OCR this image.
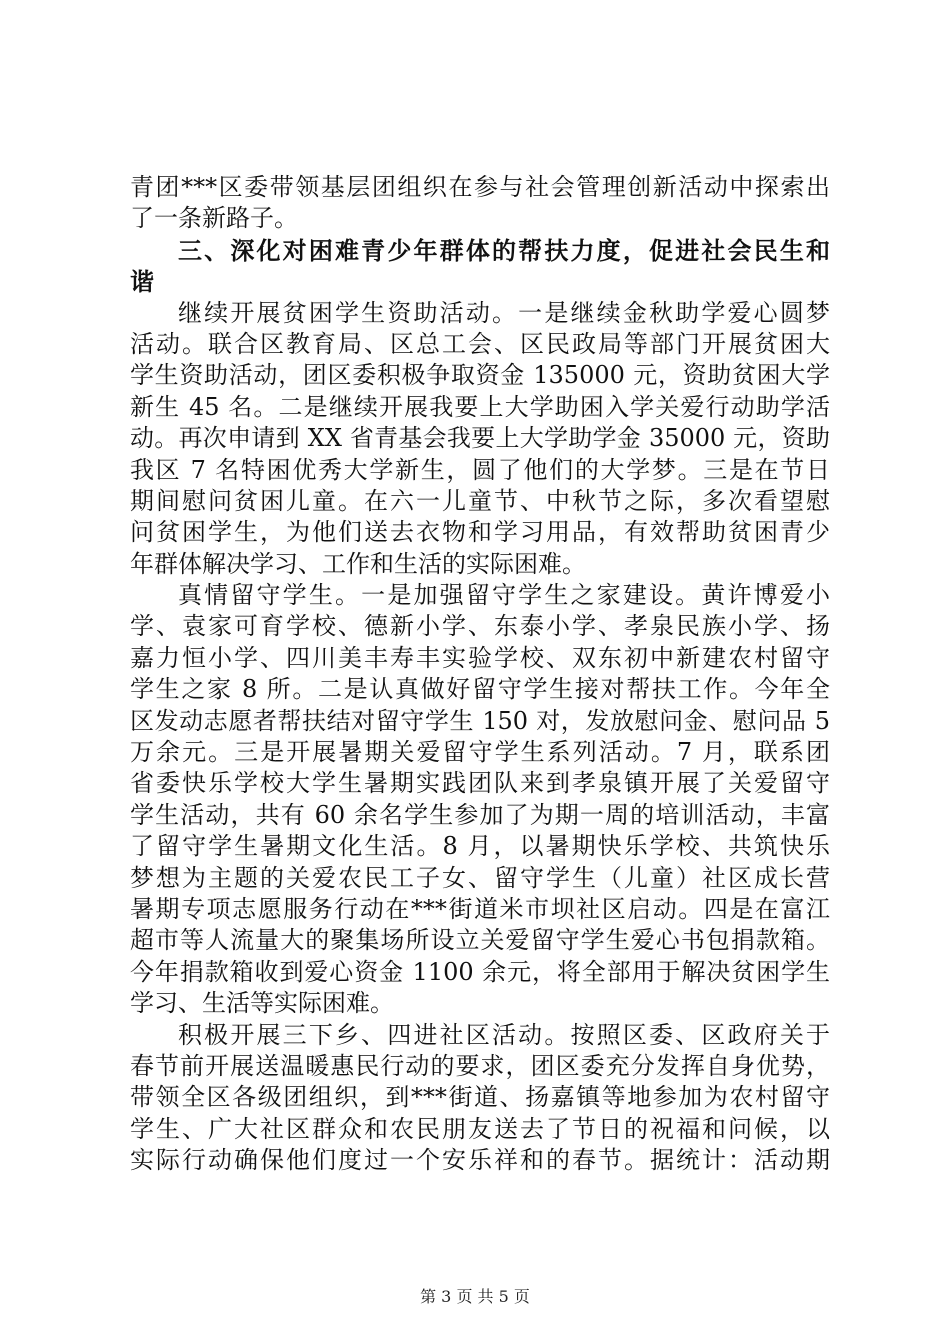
青团***区委带领基层团组织在参与社会管理创新活动中探索出
了一条新路子。
三、深化对困难青少年群体的帮扶力度，促进社会民生和
谐
继续开展贫困学生资助活动。一是继续金秋助学爱心圆梦
活动。联合区教育局、区总工会、区民政局等部门开展贫困大
学生资助活动，团区委积极争取资金 135000 元，资助贫困大学
新生 45 名。二是继续开展我要上大学助困入学关爱行动助学活
动。再次申请到 XX 省青基会我要上大学助学金 35000 元，资助
我区 7 名特困优秀大学新生，圆了他们的大学梦。三是在节日
期间慰问贫困儿童。在六一儿童节、中秋节之际，多次看望慰
问贫困学生，为他们送去衣物和学习用品，有效帮助贫困青少
年群体解决学习、工作和生活的实际困难。
真情留守学生。一是加强留守学生之家建设。黄许博爱小
学、袁家可育学校、德新小学、东泰小学、孝泉民族小学、扬
嘉力恒小学、四川美丰寿丰实验学校、双东初中新建农村留守
学生之家 8 所。二是认真做好留守学生接对帮扶工作。今年全
区发动志愿者帮扶结对留守学生 150 对，发放慰问金、慰问品 5
万余元。三是开展暑期关爱留守学生系列活动。7 月，联系团
省委快乐学校大学生暑期实践团队来到孝泉镇开展了关爱留守
学生活动，共有 60 余名学生参加了为期一周的培训活动，丰富
了留守学生暑期文化生活。8 月，以暑期快乐学校、共筑快乐
梦想为主题的关爱农民工子女、留守学生（儿童）社区成长营
暑期专项志愿服务行动在***街道米市坝社区启动。四是在富江
超市等人流量大的聚集场所设立关爱留守学生爱心书包捐款箱。
今年捐款箱收到爱心资金 1100 余元，将全部用于解决贫困学生
学习、生活等实际困难。
积极开展三下乡、四进社区活动。按照区委、区政府关于
春节前开展送温暖惠民行动的要求，团区委充分发挥自身优势，
带领全区各级团组织，到***街道、扬嘉镇等地参加为农村留守
学生、广大社区群众和农民朋友送去了节日的祝福和问候，以
实际行动确保他们度过一个安乐祥和的春节。据统计：活动期
第 3 页 共 5 页
